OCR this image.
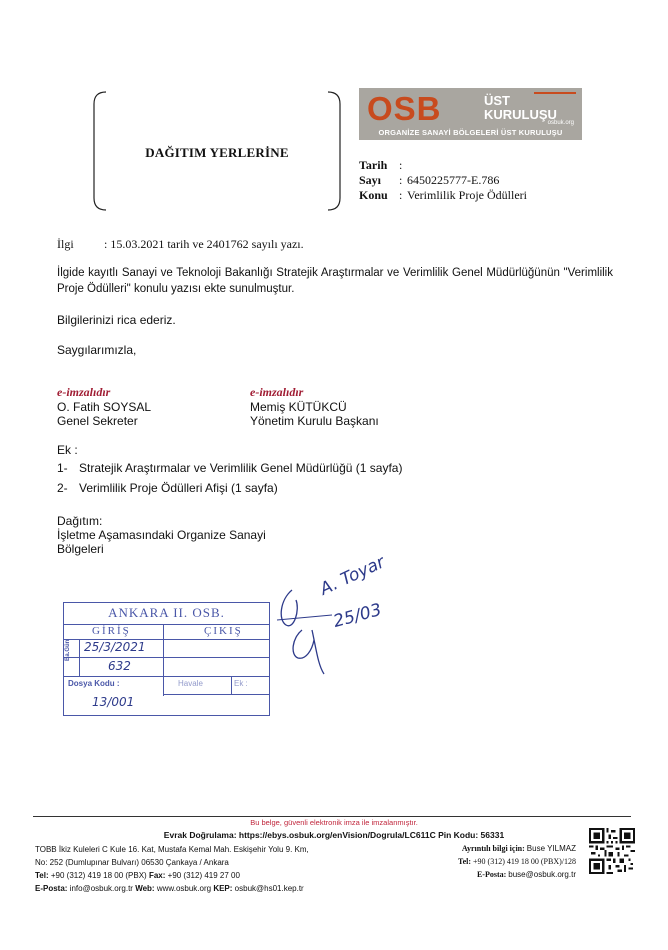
DAĞITIM YERLERİNE
OSB	ÜST
KURULUŞU
osbuk.org
ORGANİZE SANAYİ BÖLGELERİ ÜST KURULUŞU
Tarih :
Sayı : 6450225777-E.786
Konu : Verimlilik Proje Ödülleri
İlgi	: 15.03.2021 tarih ve 2401762 sayılı yazı.
İlgide kayıtlı Sanayi ve Teknoloji Bakanlığı Stratejik Araştırmalar ve Verimlilik Genel Müdürlüğünün "Verimlilik Proje Ödülleri" konulu yazısı ekte sunulmuştur.
Bilgilerinizi rica ederiz.
Saygılarımızla,
e-imzalıdır
O. Fatih SOYSAL
Genel Sekreter
e-imzalıdır
Memiş KÜTÜKCÜ
Yönetim Kurulu Başkanı
Ek :
1- Stratejik Araştırmalar ve Verimlilik Genel Müdürlüğü (1 sayfa)
2- Verimlilik Proje Ödülleri Afişi (1 sayfa)
Dağıtım:
İşletme Aşamasındaki Organize Sanayi
Bölgeleri
ANKARA II. OSB.
GİRİŞ	ÇIKIŞ
Ba.Gün 25/3/2021
632
Dosya Kodu :
13/001
Havale	Ek :
A. Toyar
25/03
Bu belge, güvenli elektronik imza ile imzalanmıştır.
Evrak Doğrulama: https://ebys.osbuk.org/enVision/Dogrula/LC611C Pin Kodu: 56331
TOBB İkiz Kuleleri C Kule 16. Kat, Mustafa Kemal Mah. Eskişehir Yolu 9. Km,
No: 252 (Dumlupınar Bulvarı) 06530 Çankaya / Ankara
Tel: +90 (312) 419 18 00 (PBX) Fax: +90 (312) 419 27 00
E-Posta: info@osbuk.org.tr Web: www.osbuk.org KEP: osbuk@hs01.kep.tr
Ayrıntılı bilgi için: Buse YILMAZ
Tel: +90 (312) 419 18 00 (PBX)/128
E-Posta: buse@osbuk.org.tr
